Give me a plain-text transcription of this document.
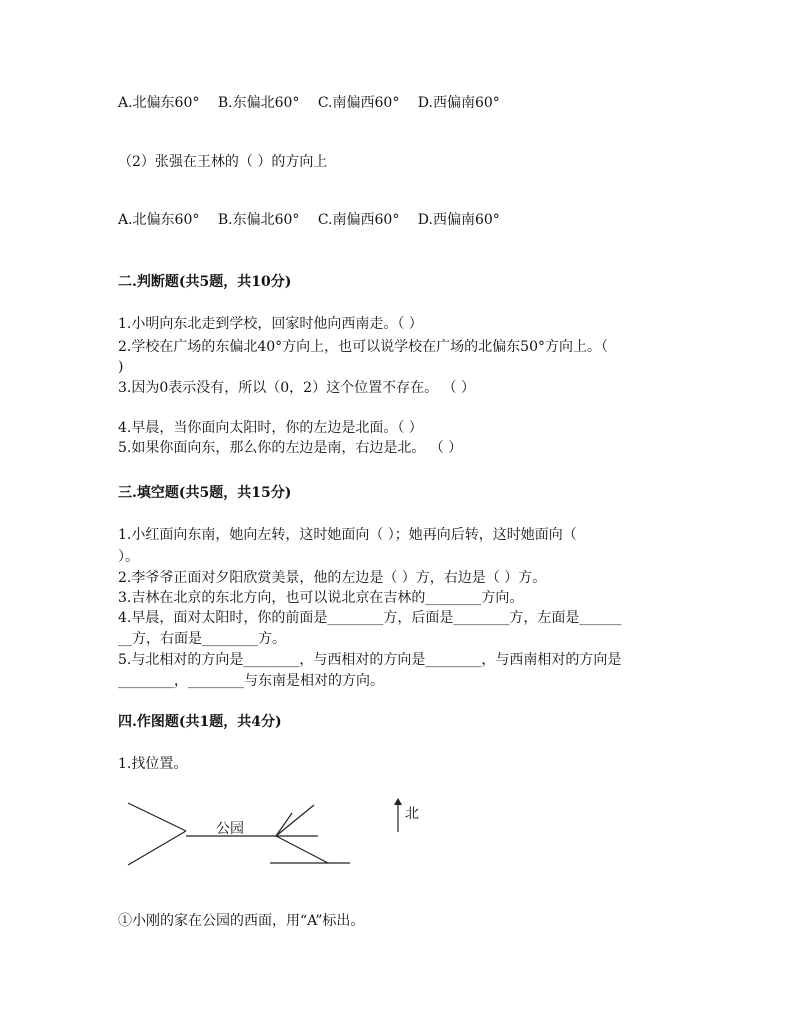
A.北偏东60° B.东偏北60° C.南偏西60° D.西偏南60°
（2）张强在王林的（ ）的方向上
A.北偏东60° B.东偏北60° C.南偏西60° D.西偏南60°
二.判断题(共5题，共10分)
1.小明向东北走到学校，回家时他向西南走。（ ）
2.学校在广场的东偏北40°方向上，也可以说学校在广场的北偏东50°方向上。（
)
3.因为0表示没有，所以（0，2）这个位置不存在。 （ ）
4.早晨，当你面向太阳时，你的左边是北面。（ ）
5.如果你面向东，那么你的左边是南，右边是北。 （ ）
三.填空题(共5题，共15分)
1.小红面向东南，她向左转，这时她面向（ ）；她再向后转，这时她面向（
）。
2.李爷爷正面对夕阳欣赏美景，他的左边是（ ）方，右边是（ ）方。
3.吉林在北京的东北方向，也可以说北京在吉林的________方向。
4.早晨，面对太阳时，你的前面是________方，后面是________方，左面是______
__方，右面是________方。
5.与北相对的方向是________，与西相对的方向是________，与西南相对的方向是
________，________与东南是相对的方向。
四.作图题(共1题，共4分)
1.找位置。
公园
北
①小刚的家在公园的西面，用“A”标出。
